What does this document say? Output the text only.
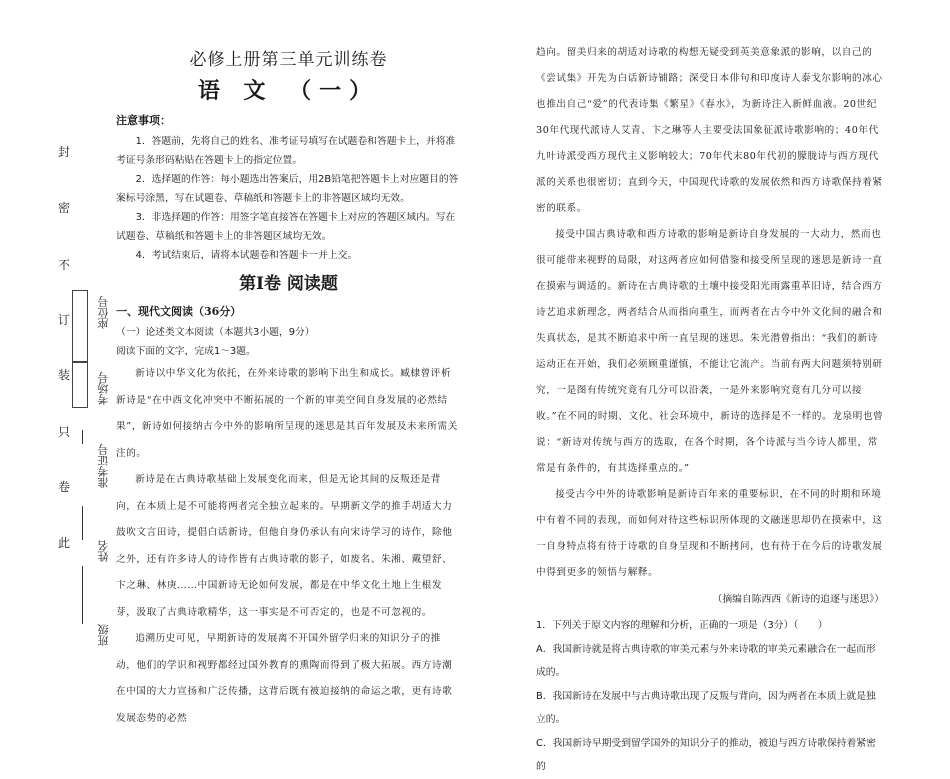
封
密
不
订
装
只
卷
此
座位号
考场号
准考证号
姓名
班级

必修上册第三单元训练卷

语 文 （一）

注意事项：

1．答题前，先将自己的姓名、准考证号填写在试题卷和答题卡上，并将准考证号条形码粘贴在答题卡上的指定位置。

2．选择题的作答：每小题选出答案后，用2B铅笔把答题卡上对应题目的答案标号涂黑，写在试题卷、草稿纸和答题卡上的非答题区域均无效。

3．非选择题的作答：用签字笔直接答在答题卡上对应的答题区域内。写在试题卷、草稿纸和答题卡上的非答题区域均无效。

4．考试结束后，请将本试题卷和答题卡一并上交。

第Ⅰ卷 阅读题

一、现代文阅读（36分）

（一）论述类文本阅读（本题共3小题，9分）

阅读下面的文字，完成1～3题。

新诗以中华文化为依托，在外来诗歌的影响下出生和成长。臧棣曾评析新诗是“在中西文化冲突中不断拓展的一个新的审美空间自身发展的必然结果”，新诗如何接纳古今中外的影响所呈现的迷思是其百年发展及未来所需关注的。

新诗是在古典诗歌基础上发展变化而来，但是无论其间的反叛还是背向，在本质上是不可能将两者完全独立起来的。早期新文学的推手胡适大力鼓吹文言田诗，提倡白话新诗，但他自身仍承认有向宋诗学习的诗作，除他之外，还有许多诗人的诗作皆有古典诗歌的影子，如废名、朱湘、戴望舒、卞之琳、林庚……中国新诗无论如何发展，都是在中华文化土地上生根发芽，汲取了古典诗歌精华，这一事实是不可否定的，也是不可忽视的。

追溯历史可见，早期新诗的发展离不开国外留学归来的知识分子的推动，他们的学识和视野都经过国外教育的熏陶而得到了极大拓展。西方诗潮在中国的大力宣扬和广泛传播，这背后既有被迫接纳的命运之歌，更有诗歌发展态势的必然

趋向。留美归来的胡适对诗歌的构想无疑受到英美意象派的影响，以自己的《尝试集》开先为白话新诗铺路；深受日本俳句和印度诗人泰戈尔影响的冰心也推出自己“爱”的代表诗集《繁星》《春水》，为新诗注入新鲜血液。20世纪30年代现代派诗人艾青、卞之琳等人主要受法国象征派诗歌影响的；40年代九叶诗派受西方现代主义影响较大；70年代末80年代初的朦胧诗与西方现代派的关系也很密切；直到今天，中国现代诗歌的发展依然和西方诗歌保持着紧密的联系。

接受中国古典诗歌和西方诗歌的影响是新诗自身发展的一大动力，然而也很可能带来视野的局限，对这两者应如何借鉴和接受所呈现的迷思是新诗一直在摸索与调适的。新诗在古典诗歌的土壤中接受阳光雨露重革旧诗，结合西方诗艺追求新理念，两者结合从而指向重生，而两者在古今中外文化间的融合和失真状态，是其不断追求中所一直呈现的迷思。朱光潜曾指出：“我们的新诗运动正在开始，我们必须顾重谨慎，不能让它流产。当前有两大问题须特别研究，一是图有传统究竟有几分可以沿袭，一是外来影响究竟有几分可以接收。”在不同的时期、文化、社会环境中，新诗的选择是不一样的。龙泉明也曾说：“新诗对传统与西方的选取，在各个时期，各个诗派与当今诗人都里，常常是有条件的，有其选择重点的。”

接受古今中外的诗歌影响是新诗百年来的重要标识，在不同的时期和环境中有着不同的表现，而如何对待这些标识所体现的文融迷思却仍在摸索中，这一自身特点将有待于诗歌的自身呈现和不断拷问，也有待于在今后的诗歌发展中得到更多的领悟与解释。

（摘编自陈西西《新诗的追逐与迷思》）

1．下列关于原文内容的理解和分析，正确的一项是（3分）（　　）

A．我国新诗就是将古典诗歌的审美元素与外来诗歌的审美元素融合在一起而形成的。

B．我国新诗在发展中与古典诗歌出现了反叛与背向，因为两者在本质上就是独立的。

C．我国新诗早期受到留学国外的知识分子的推动，被迫与西方诗歌保持着紧密的
